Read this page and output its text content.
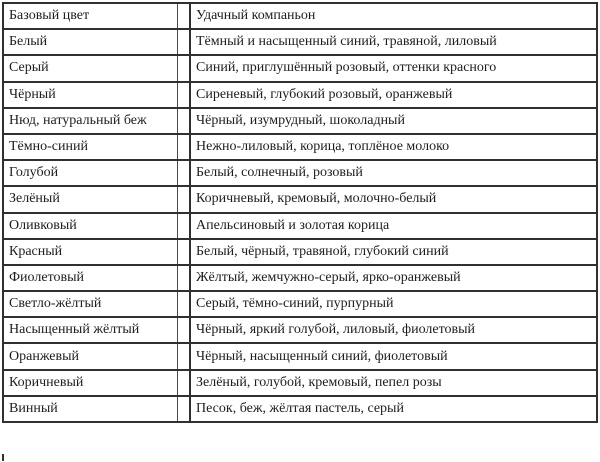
Базовый цвет		Удачный компаньон
Белый		Тёмный и насыщенный синий, травяной, лиловый
Серый		Синий, приглушённый розовый, оттенки красного
Чёрный		Сиреневый, глубокий розовый, оранжевый
Нюд, натуральный беж		Чёрный, изумрудный, шоколадный
Тёмно-синий		Нежно-лиловый, корица, топлёное молоко
Голубой		Белый, солнечный, розовый
Зелёный		Коричневый, кремовый, молочно-белый
Оливковый		Апельсиновый и золотая корица
Красный		Белый, чёрный, травяной, глубокий синий
Фиолетовый		Жёлтый, жемчужно-серый, ярко-оранжевый
Светло-жёлтый		Серый, тёмно-синий, пурпурный
Насыщенный жёлтый		Чёрный, яркий голубой, лиловый, фиолетовый
Оранжевый		Чёрный, насыщенный синий, фиолетовый
Коричневый		Зелёный, голубой, кремовый, пепел розы
Винный		Песок, беж, жёлтая пастель, серый
